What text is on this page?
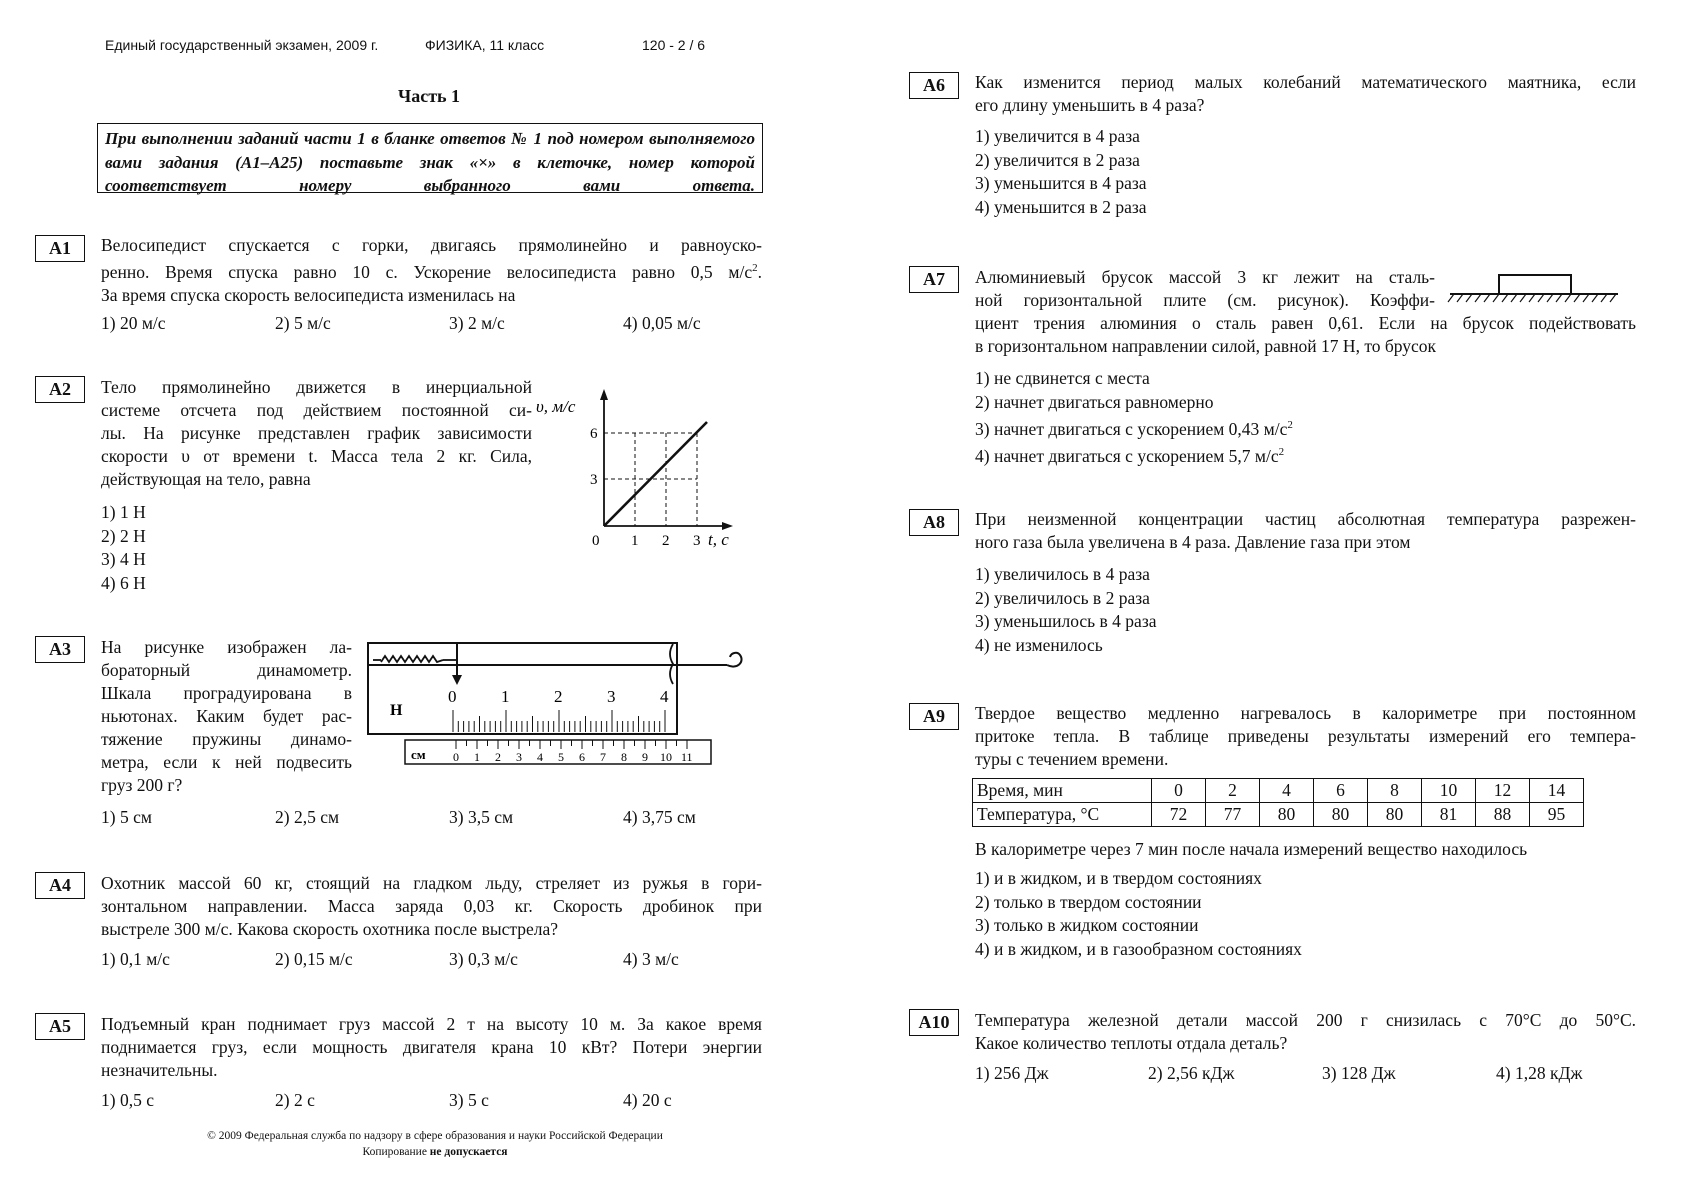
Единый государственный экзамен, 2009 г.	ФИЗИКА, 11 класс	120 - 2 / 6
Часть 1
При выполнении заданий части 1 в бланке ответов № 1 под номером выполняемого вами задания (А1–А25) поставьте знак «×» в клеточке, номер которой соответствует номеру выбранного вами ответа.
А1	Велосипедист спускается с горки, двигаясь прямолинейно и равноуско-
ренно. Время спуска равно 10 с. Ускорение велосипедиста равно 0,5 $м/с^2$.
За время спуска скорость велосипедиста изменилась на
1) 20 м/с	2) 5 м/с	3) 2 м/с	4) 0,05 м/с
А2	Тело прямолинейно движется в инерциальной
системе отсчета под действием постоянной си-
лы. На рисунке представлен график зависимости
скорости υ от времени t. Масса тела 2 кг. Сила,
действующая на тело, равна
1) 1 Н
2) 2 Н
3) 4 Н
4) 6 Н
υ, м/с
6
3
0 1 2 3 t, с
А3	На рисунке изображен ла-
бораторный динамометр.
Шкала проградуирована в
ньютонах. Каким будет рас-
тяжение пружины динамо-
метра, если к ней подвесить
груз 200 г?
1) 5 см	2) 2,5 см	3) 3,5 см	4) 3,75 см
Н
0	1	2	3	4
см 0 1 2 3 4 5 6 7 8 9 10 11
А4	Охотник массой 60 кг, стоящий на гладком льду, стреляет из ружья в гори-
зонтальном направлении. Масса заряда 0,03 кг. Скорость дробинок при
выстреле 300 м/с. Какова скорость охотника после выстрела?
1) 0,1 м/с	2) 0,15 м/с	3) 0,3 м/с	4) 3 м/с
А5	Подъемный кран поднимает груз массой 2 т на высоту 10 м. За какое время
поднимается груз, если мощность двигателя крана 10 кВт? Потери энергии
незначительны.
1) 0,5 с	2) 2 с	3) 5 с	4) 20 с
© 2009 Федеральная служба по надзору в сфере образования и науки Российской Федерации
Копирование не допускается
А6	Как изменится период малых колебаний математического маятника, если
его длину уменьшить в 4 раза?
1) увеличится в 4 раза
2) увеличится в 2 раза
3) уменьшится в 4 раза
4) уменьшится в 2 раза
А7	Алюминиевый брусок массой 3 кг лежит на сталь-
ной горизонтальной плите (см. рисунок). Коэффи-
циент трения алюминия о сталь равен 0,61. Если на брусок подействовать
в горизонтальном направлении силой, равной 17 Н, то брусок
1) не сдвинется с места
2) начнет двигаться равномерно
3) начнет двигаться с ускорением 0,43 $м/с^2$
4) начнет двигаться с ускорением 5,7 $м/с^2$
А8	При неизменной концентрации частиц абсолютная температура разрежен-
ного газа была увеличена в 4 раза. Давление газа при этом
1) увеличилось в 4 раза
2) увеличилось в 2 раза
3) уменьшилось в 4 раза
4) не изменилось
А9	Твердое вещество медленно нагревалось в калориметре при постоянном
притоке тепла. В таблице приведены результаты измерений его темпера-
туры с течением времени.
Время, мин	0	2	4	6	8	10	12	14
Температура, °С	72	77	80	80	80	81	88	95
В калориметре через 7 мин после начала измерений вещество находилось
1) и в жидком, и в твердом состояниях
2) только в твердом состоянии
3) только в жидком состоянии
4) и в жидком, и в газообразном состояниях
А10	Температура железной детали массой 200 г снизилась с 70°С до 50°С.
Какое количество теплоты отдала деталь?
1) 256 Дж	2) 2,56 кДж	3) 128 Дж	4) 1,28 кДж
